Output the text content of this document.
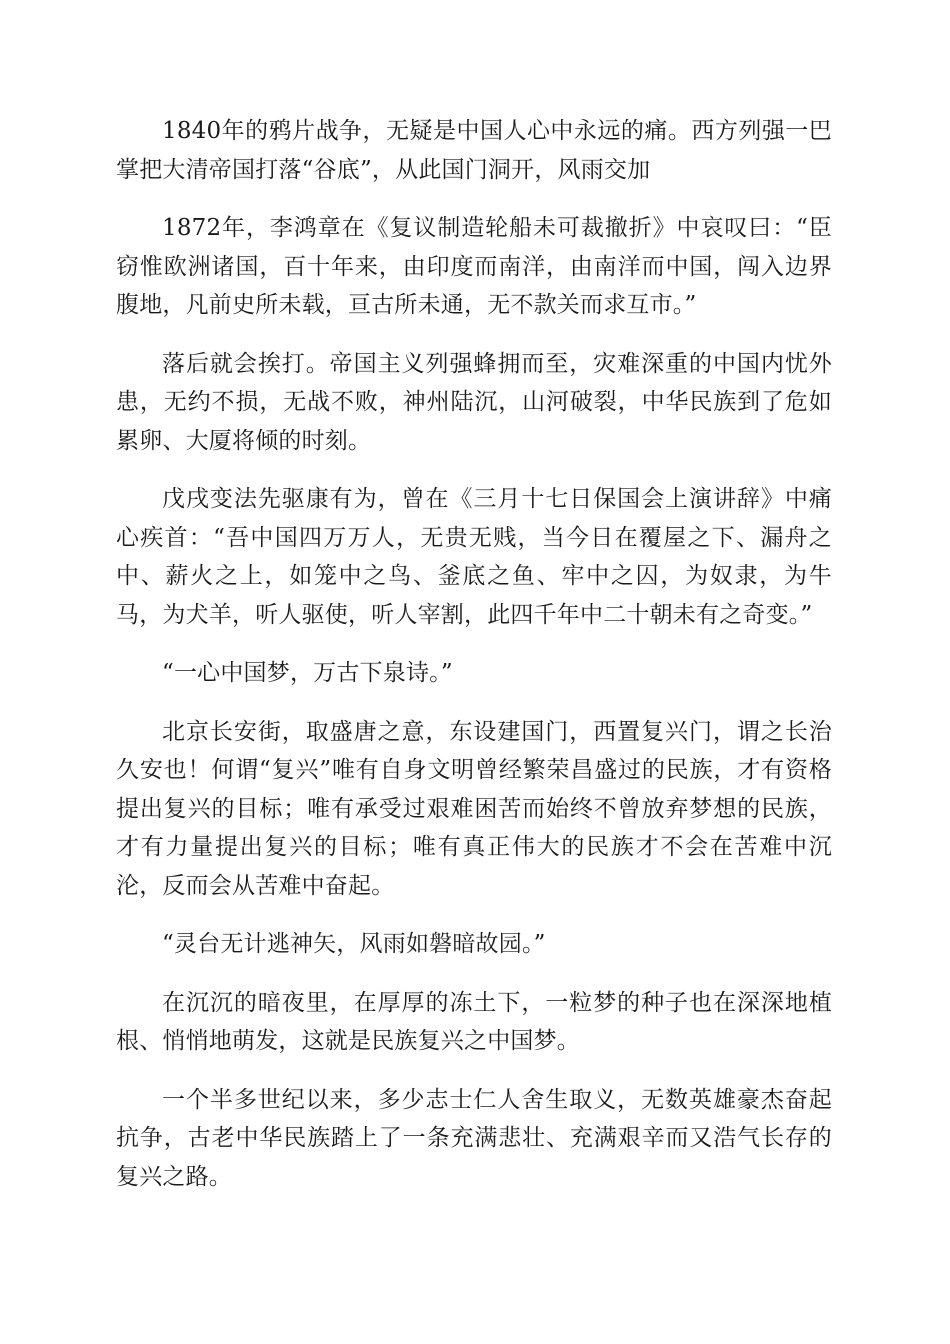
1840年的鸦片战争，无疑是中国人心中永远的痛。西方列强一巴掌把大清帝国打落“谷底”，从此国门洞开，风雨交加

1872年，李鸿章在《复议制造轮船未可裁撤折》中哀叹曰：“臣窃惟欧洲诸国，百十年来，由印度而南洋，由南洋而中国，闯入边界腹地，凡前史所未载，亘古所未通，无不款关而求互市。”

落后就会挨打。帝国主义列强蜂拥而至，灾难深重的中国内忧外患，无约不损，无战不败，神州陆沉，山河破裂，中华民族到了危如累卵、大厦将倾的时刻。

戊戌变法先驱康有为，曾在《三月十七日保国会上演讲辞》中痛心疾首：“吾中国四万万人，无贵无贱，当今日在覆屋之下、漏舟之中、薪火之上，如笼中之鸟、釜底之鱼、牢中之囚，为奴隶，为牛马，为犬羊，听人驱使，听人宰割，此四千年中二十朝未有之奇变。”

“一心中国梦，万古下泉诗。”

北京长安街，取盛唐之意，东设建国门，西置复兴门，谓之长治久安也！何谓“复兴”唯有自身文明曾经繁荣昌盛过的民族，才有资格提出复兴的目标；唯有承受过艰难困苦而始终不曾放弃梦想的民族，才有力量提出复兴的目标；唯有真正伟大的民族才不会在苦难中沉沦，反而会从苦难中奋起。

“灵台无计逃神矢，风雨如磐暗故园。”

在沉沉的暗夜里，在厚厚的冻土下，一粒梦的种子也在深深地植根、悄悄地萌发，这就是民族复兴之中国梦。

一个半多世纪以来，多少志士仁人舍生取义，无数英雄豪杰奋起抗争，古老中华民族踏上了一条充满悲壮、充满艰辛而又浩气长存的复兴之路。
